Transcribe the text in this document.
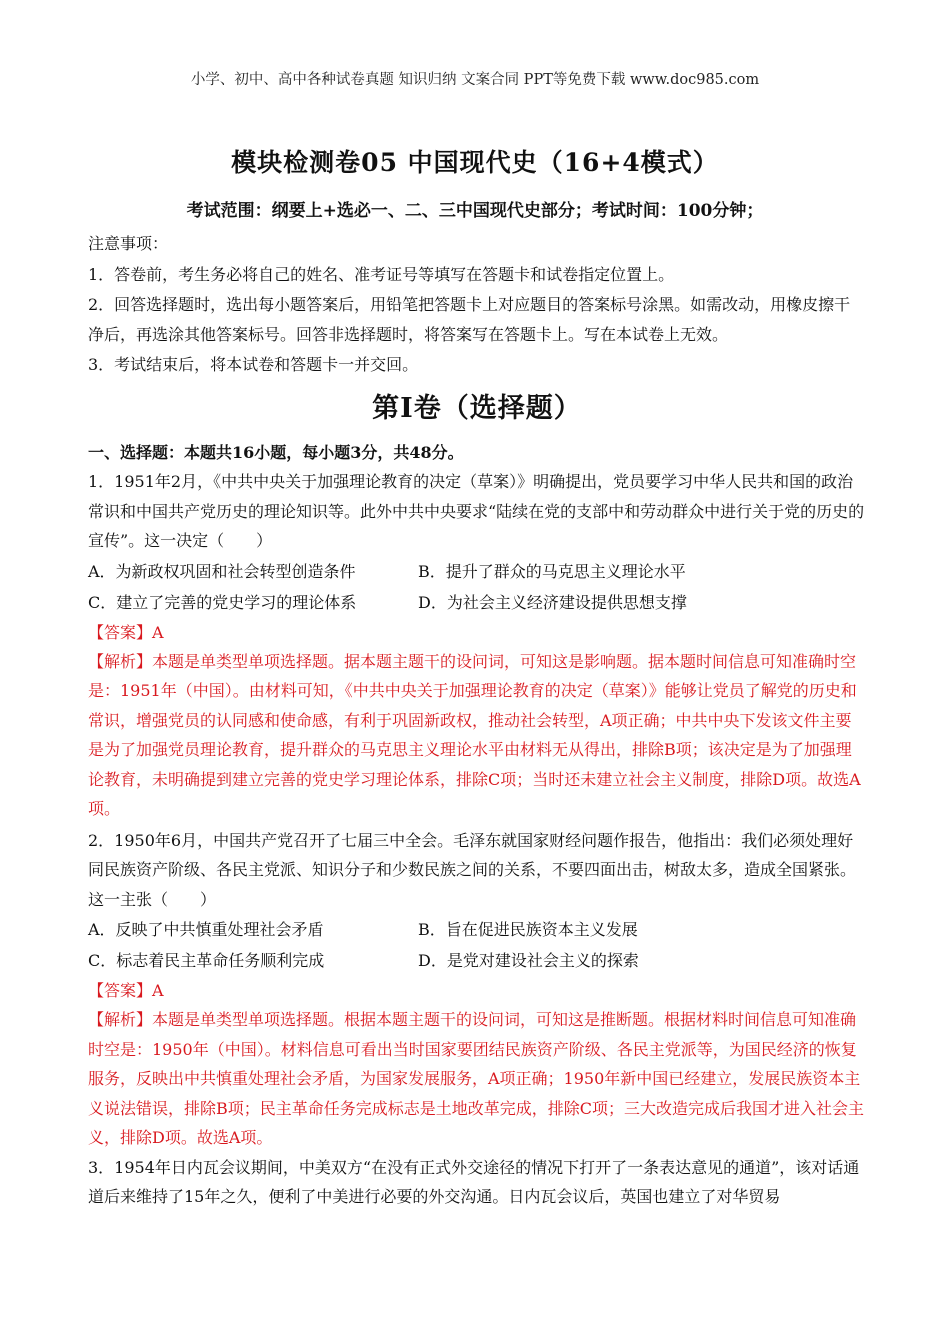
小学、初中、高中各种试卷真题 知识归纳 文案合同 PPT等免费下载 www.doc985.com
模块检测卷05 中国现代史（16+4模式）
考试范围：纲要上+选必一、二、三中国现代史部分；考试时间：100分钟；
注意事项：
1．答卷前，考生务必将自己的姓名、准考证号等填写在答题卡和试卷指定位置上。
2．回答选择题时，选出每小题答案后，用铅笔把答题卡上对应题目的答案标号涂黑。如需改动，用橡皮擦干净后，再选涂其他答案标号。回答非选择题时，将答案写在答题卡上。写在本试卷上无效。
3．考试结束后，将本试卷和答题卡一并交回。
第I卷（选择题）
一、选择题：本题共16小题，每小题3分，共48分。
1．1951年2月，《中共中央关于加强理论教育的决定（草案）》明确提出，党员要学习中华人民共和国的政治常识和中国共产党历史的理论知识等。此外中共中央要求“陆续在党的支部中和劳动群众中进行关于党的历史的宣传”。这一决定（　　）
A．为新政权巩固和社会转型创造条件	B．提升了群众的马克思主义理论水平
C．建立了完善的党史学习的理论体系	D．为社会主义经济建设提供思想支撑
【答案】A
【解析】本题是单类型单项选择题。据本题主题干的设问词，可知这是影响题。据本题时间信息可知准确时空是：1951年（中国）。由材料可知，《中共中央关于加强理论教育的决定（草案）》能够让党员了解党的历史和常识，增强党员的认同感和使命感，有利于巩固新政权，推动社会转型，A项正确；中共中央下发该文件主要是为了加强党员理论教育，提升群众的马克思主义理论水平由材料无从得出，排除B项；该决定是为了加强理论教育，未明确提到建立完善的党史学习理论体系，排除C项；当时还未建立社会主义制度，排除D项。故选A项。
2．1950年6月，中国共产党召开了七届三中全会。毛泽东就国家财经问题作报告，他指出：我们必须处理好同民族资产阶级、各民主党派、知识分子和少数民族之间的关系，不要四面出击，树敌太多，造成全国紧张。这一主张（　　）
A．反映了中共慎重处理社会矛盾	B．旨在促进民族资本主义发展
C．标志着民主革命任务顺利完成	D．是党对建设社会主义的探索
【答案】A
【解析】本题是单类型单项选择题。根据本题主题干的设问词，可知这是推断题。根据材料时间信息可知准确时空是：1950年（中国）。材料信息可看出当时国家要团结民族资产阶级、各民主党派等，为国民经济的恢复服务，反映出中共慎重处理社会矛盾，为国家发展服务，A项正确；1950年新中国已经建立，发展民族资本主义说法错误，排除B项；民主革命任务完成标志是土地改革完成，排除C项；三大改造完成后我国才进入社会主义，排除D项。故选A项。
3．1954年日内瓦会议期间，中美双方“在没有正式外交途径的情况下打开了一条表达意见的通道”，该对话通道后来维持了15年之久，便利了中美进行必要的外交沟通。日内瓦会议后，英国也建立了对华贸易
